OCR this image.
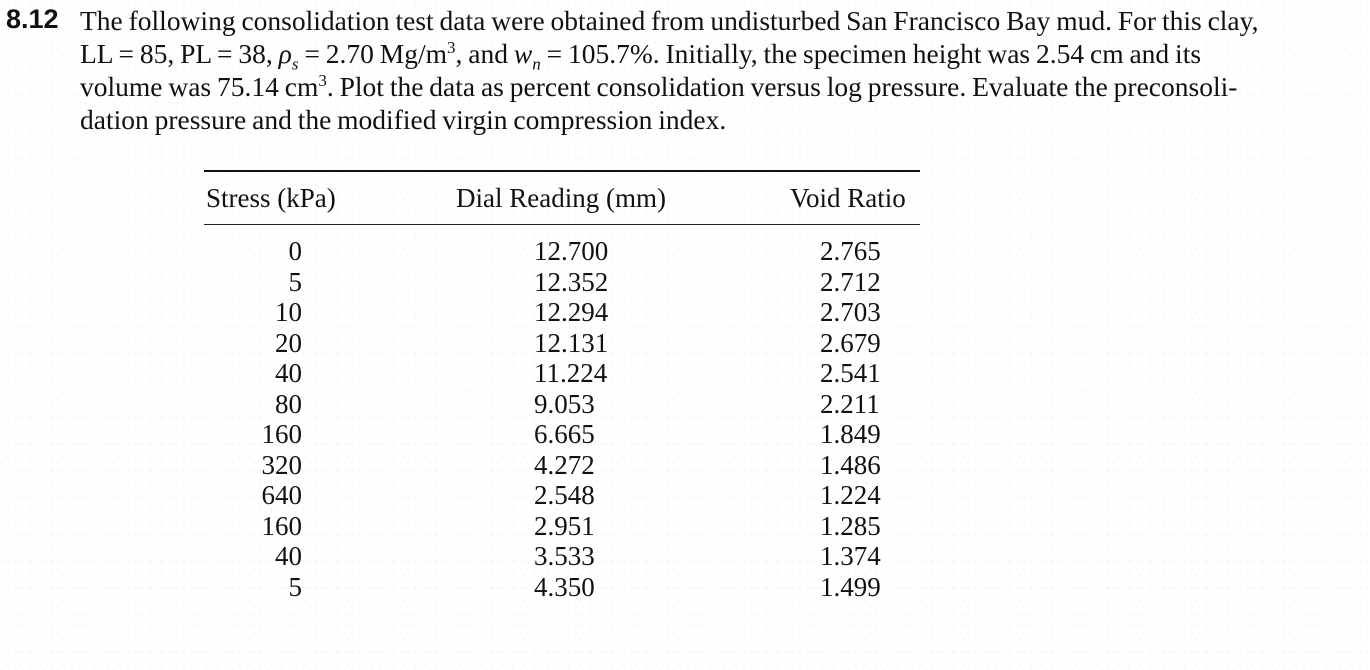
8.12 The following consolidation test data were obtained from undisturbed San Francisco Bay mud. For this clay,
LL = 85, PL = 38, $\rho_s = 2.70$ $Mg/m^3$, and $w_n = 105.7\%$. Initially, the specimen height was 2.54 cm and its
volume was 75.14 $cm^3$. Plot the data as percent consolidation versus log pressure. Evaluate the preconsoli-
dation pressure and the modified virgin compression index.
Stress (kPa)	Dial Reading (mm)	Void Ratio
0	12.700	2.765
5	12.352	2.712
10	12.294	2.703
20	12.131	2.679
40	11.224	2.541
80	9.053	2.211
160	6.665	1.849
320	4.272	1.486
640	2.548	1.224
160	2.951	1.285
40	3.533	1.374
5	4.350	1.499
